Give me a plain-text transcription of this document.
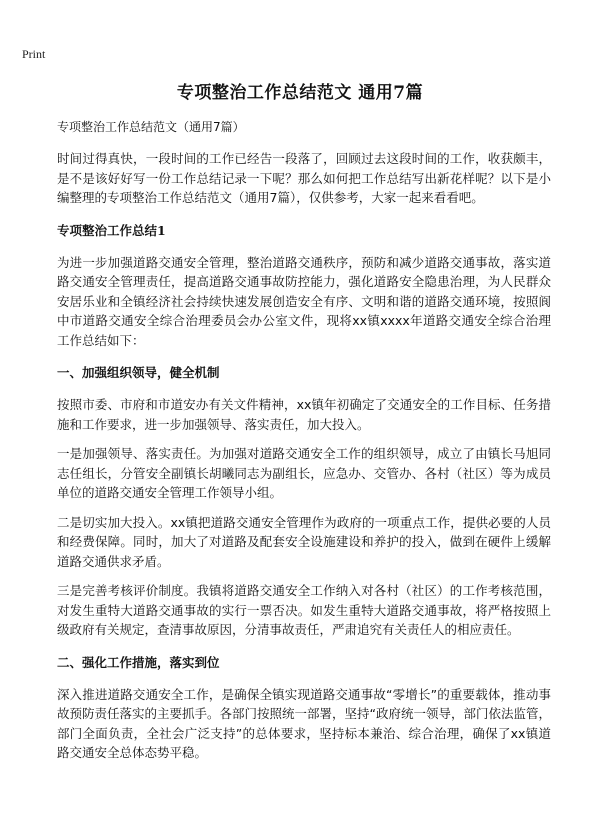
Print
专项整治工作总结范文 通用7篇
专项整治工作总结范文（通用7篇）

时间过得真快，一段时间的工作已经告一段落了，回顾过去这段时间的工作，收获颇丰，是不是该好好写一份工作总结记录一下呢？那么如何把工作总结写出新花样呢？以下是小编整理的专项整治工作总结范文（通用7篇），仅供参考，大家一起来看看吧。

专项整治工作总结1

为进一步加强道路交通安全管理，整治道路交通秩序，预防和减少道路交通事故，落实道路交通安全管理责任，提高道路交通事故防控能力，强化道路安全隐患治理，为人民群众安居乐业和全镇经济社会持续快速发展创造安全有序、文明和谐的道路交通环境，按照阆中市道路交通安全综合治理委员会办公室文件，现将xx镇xxxx年道路交通安全综合治理工作总结如下：

一、加强组织领导，健全机制

按照市委、市府和市道安办有关文件精神，xx镇年初确定了交通安全的工作目标、任务措施和工作要求，进一步加强领导、落实责任，加大投入。

一是加强领导、落实责任。为加强对道路交通安全工作的组织领导，成立了由镇长马旭同志任组长，分管安全副镇长胡曦同志为副组长，应急办、交管办、各村（社区）等为成员单位的道路交通安全管理工作领导小组。

二是切实加大投入。xx镇把道路交通安全管理作为政府的一项重点工作，提供必要的人员和经费保障。同时，加大了对道路及配套安全设施建设和养护的投入，做到在硬件上缓解道路交通供求矛盾。

三是完善考核评价制度。我镇将道路交通安全工作纳入对各村（社区）的工作考核范围，对发生重特大道路交通事故的实行一票否决。如发生重特大道路交通事故，将严格按照上级政府有关规定，查清事故原因，分清事故责任，严肃追究有关责任人的相应责任。

二、强化工作措施，落实到位

深入推进道路交通安全工作，是确保全镇实现道路交通事故“零增长”的重要载体，推动事故预防责任落实的主要抓手。各部门按照统一部署，坚持“政府统一领导，部门依法监管，部门全面负责，全社会广泛支持”的总体要求，坚持标本兼治、综合治理，确保了xx镇道路交通安全总体态势平稳。
